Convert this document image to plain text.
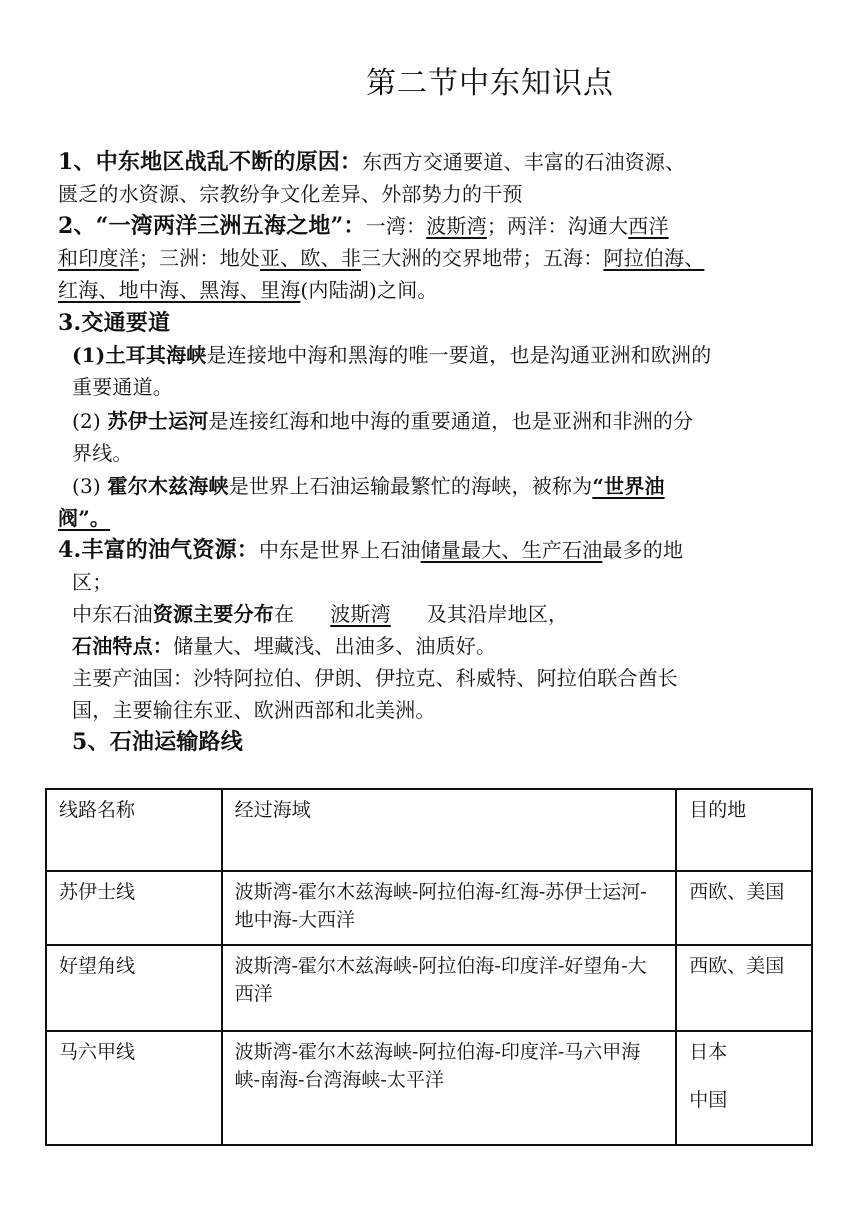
第二节中东知识点
1、中东地区战乱不断的原因：东西方交通要道、丰富的石油资源、
匮乏的水资源、宗教纷争文化差异、外部势力的干预
2、“一湾两洋三洲五海之地”：一湾：波斯湾；两洋：沟通大西洋
和印度洋；三洲：地处亚、欧、非三大洲的交界地带；五海：阿拉伯海、
红海、地中海、黑海、里海(内陆湖)之间。
3.交通要道
(1)土耳其海峡是连接地中海和黑海的唯一要道，也是沟通亚洲和欧洲的
重要通道。
(2) 苏伊士运河是连接红海和地中海的重要通道，也是亚洲和非洲的分
界线。
(3) 霍尔木兹海峡是世界上石油运输最繁忙的海峡，被称为“世界油
阀”。
4.丰富的油气资源：中东是世界上石油储量最大、生产石油最多的地
区；
中东石油资源主要分布在 波斯湾 及其沿岸地区，
石油特点：储量大、埋藏浅、出油多、油质好。
主要产油国：沙特阿拉伯、伊朗、伊拉克、科威特、阿拉伯联合酋长
国，主要输往东亚、欧洲西部和北美洲。
5、石油运输路线
线路名称	经过海域	目的地
苏伊士线	波斯湾-霍尔木兹海峡-阿拉伯海-红海-苏伊士运河-地中海-大西洋	西欧、美国
好望角线	波斯湾-霍尔木兹海峡-阿拉伯海-印度洋-好望角-大西洋	西欧、美国
马六甲线	波斯湾-霍尔木兹海峡-阿拉伯海-印度洋-马六甲海峡-南海-台湾海峡-太平洋	日本
中国
